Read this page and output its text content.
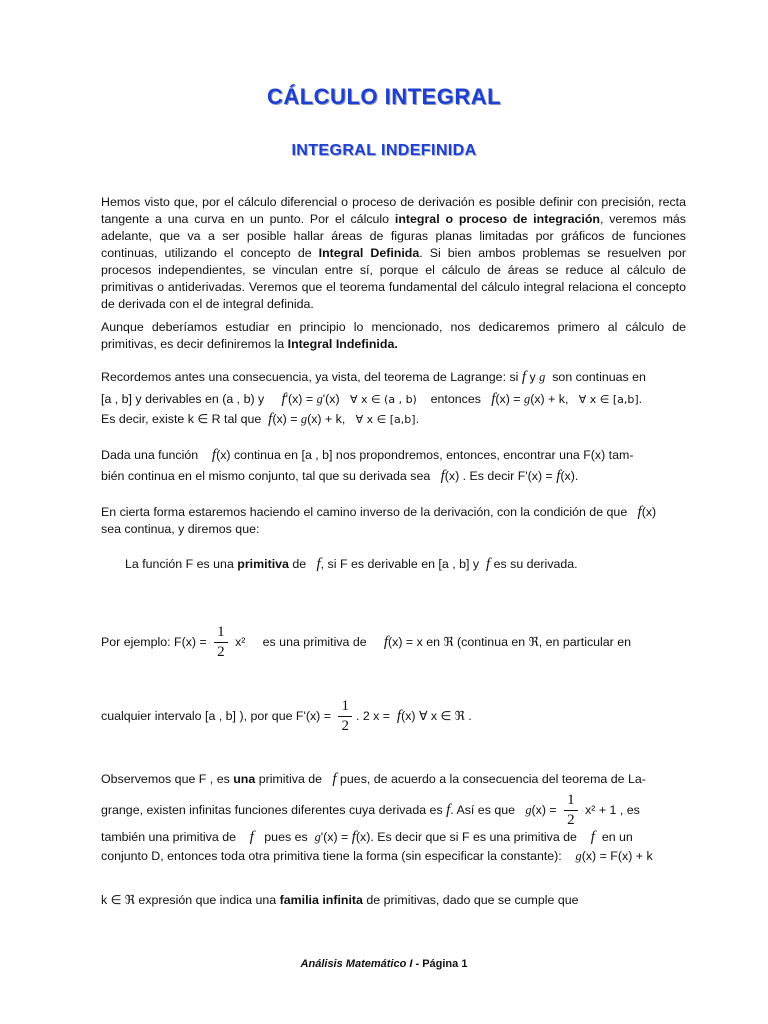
CÁLCULO INTEGRAL
INTEGRAL INDEFINIDA
Hemos visto que, por el cálculo diferencial o proceso de derivación es posible definir con precisión, recta tangente a una curva en un punto. Por el cálculo integral o proceso de integración, veremos más adelante, que va a ser posible hallar áreas de figuras planas limitadas por gráficos de funciones continuas, utilizando el concepto de Integral Definida. Si bien ambos problemas se resuelven por procesos independientes, se vinculan entre sí, porque el cálculo de áreas se reduce al cálculo de primitivas o antiderivadas. Veremos que el teorema fundamental del cálculo integral relaciona el concepto de derivada con el de integral definida.
Aunque deberíamos estudiar en principio lo mencionado, nos dedicaremos primero al cálculo de primitivas, es decir definiremos la Integral Indefinida.
Recordemos antes una consecuencia, ya vista, del teorema de Lagrange: si f y g son continuas en
[a , b] y derivables en (a , b) y f'(x) = g'(x) ∀ x ∈ (a , b) entonces f(x) = g(x) + k, ∀ x ∈ [a,b].
Es decir, existe k ∈ R tal que f(x) = g(x) + k, ∀ x ∈ [a,b].
Dada una función f(x) continua en [a , b] nos propondremos, entonces, encontrar una F(x) tam-
bién continua en el mismo conjunto, tal que su derivada sea f(x) . Es decir F'(x) = f(x).
En cierta forma estaremos haciendo el camino inverso de la derivación, con la condición de que f(x)
sea continua, y diremos que:
La función F es una primitiva de f, si F es derivable en [a , b] y f es su derivada.
Por ejemplo: $F(x) = \frac{1}{2} x^2$ es una primitiva de f(x) = x en ℜ (continua en ℜ, en particular en
cualquier intervalo [a , b] ), por que $F'(x) = \frac{1}{2}$ . 2 x = f(x) ∀ x ∈ ℜ .
Observemos que F , es una primitiva de f pues, de acuerdo a la consecuencia del teorema de La-
grange, existen infinitas funciones diferentes cuya derivada es f. Así es que $g(x) = \frac{1}{2} x^2 + 1$ , es
también una primitiva de f pues es g'(x) = f(x). Es decir que si F es una primitiva de f en un
conjunto D, entonces toda otra primitiva tiene la forma (sin especificar la constante): g(x) = F(x) + k
k ∈ ℜ expresión que indica una familia infinita de primitivas, dado que se cumple que
Análisis Matemático I - Página 1
